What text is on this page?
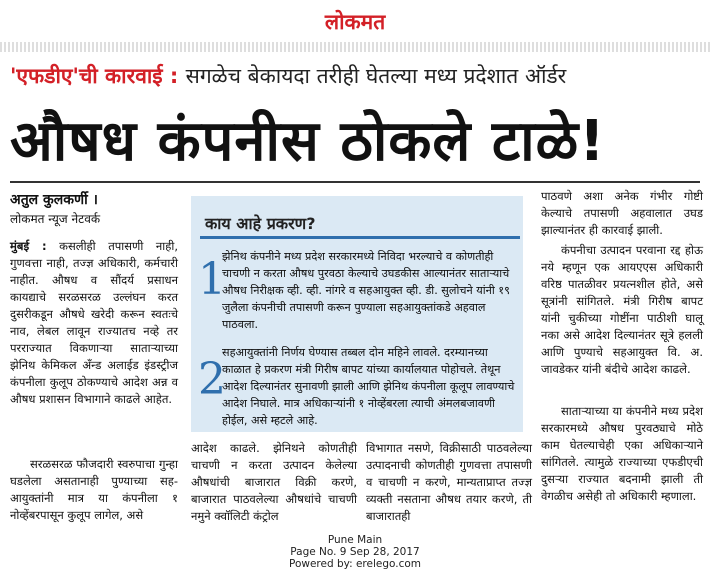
लोकमत
'एफडीए'ची कारवाई : सगळेच बेकायदा तरीही घेतल्या मध्य प्रदेशात ऑर्डर
औषध कंपनीस ठोकले टाळे!
अतुल कुलकर्णी ।
लोकमत न्यूज नेटवर्क
मुंबई : कसलीही तपासणी नाही, गुणवत्ता नाही, तज्ज्ञ अधिकारी, कर्मचारी नाहीत. औषध व सौंदर्य प्रसाधन कायद्याचे सरळसरळ उल्लंघन करत दुसरीकडून औषधे खरेदी करून स्वतःचे नाव, लेबल लावून राज्यातच नव्हे तर परराज्यात विकणाऱ्या साताऱ्याच्या झेनिथ केमिकल अँन्ड अलाईड इंडस्ट्रीज कंपनीला कुलूप ठोकण्याचे आदेश अन्न व औषध प्रशासन विभागाने काढले आहेत.
सरळसरळ फौजदारी स्वरुपाचा गुन्हा घडलेला असतानाही पुण्याच्या सह-आयुक्तांनी मात्र या कंपनीला १ नोव्हेंबरपासून कुलूप लागेल, असे
काय आहे प्रकरण?
1
झेनिथ कंपनीने मध्य प्रदेश सरकारमध्ये निविदा भरल्याचे व कोणतीही चाचणी न करता औषध पुरवठा केल्याचे उघडकीस आल्यानंतर साताऱ्याचे औषध निरीक्षक व्ही. व्ही. नांगरे व सहआयुक्त व्ही. डी. सुलोचने यांनी १९ जुलैला कंपनीची तपासणी करून पुण्याला सहआयुक्तांकडे अहवाल पाठवला.
2
सहआयुक्तांनी निर्णय घेण्यास तब्बल दोन महिने लावले. दरम्यानच्या काळात हे प्रकरण मंत्री गिरीष बापट यांच्या कार्यालयात पोहोचले. तेथून आदेश दिल्यानंतर सुनावणी झाली आणि झेनिथ कंपनीला कूलूप लावण्याचे आदेश निघाले. मात्र अधिकाऱ्यांनी १ नोव्हेंबरला त्याची अंमलबजावणी होईल, असे म्हटले आहे.
आदेश काढले. झेनिथने कोणतीही चाचणी न करता उत्पादन केलेल्या औषधांची बाजारात विक्री करणे, बाजारात पाठवलेल्या औषधांचे चाचणी नमुने क्वॉलिटी कंट्रोल
विभागात नसणे, विक्रीसाठी पाठवलेल्या उत्पादनाची कोणतीही गुणवत्ता तपासणी व चाचणी न करणे, मान्यताप्राप्त तज्ज्ञ व्यक्ती नसताना औषध तयार करणे, ती बाजारातही
पाठवणे अशा अनेक गंभीर गोष्टी केल्याचे तपासणी अहवालात उघड झाल्यानंतर ही कारवाई झाली.
कंपनीचा उत्पादन परवाना रद्द होऊ नये म्हणून एक आयएएस अधिकारी वरिष्ठ पातळीवर प्रयत्नशील होते, असे सूत्रांनी सांगितले. मंत्री गिरीष बापट यांनी चुकीच्या गोष्टींना पाठीशी घालू नका असे आदेश दिल्यानंतर सूत्रे हलली आणि पुण्याचे सहआयुक्त वि. अ. जावडेकर यांनी बंदीचे आदेश काढले.
साताऱ्याच्या या कंपनीने मध्य प्रदेश सरकारमध्ये औषध पुरवठ्याचे मोठे काम घेतल्याचेही एका अधिकाऱ्याने सांगितले. त्यामुळे राज्याच्या एफडीएची दुसऱ्या राज्यात बदनामी झाली ती वेगळीच असेही तो अधिकारी म्हणाला.
Pune Main
Page No. 9 Sep 28, 2017
Powered by: erelego.com
